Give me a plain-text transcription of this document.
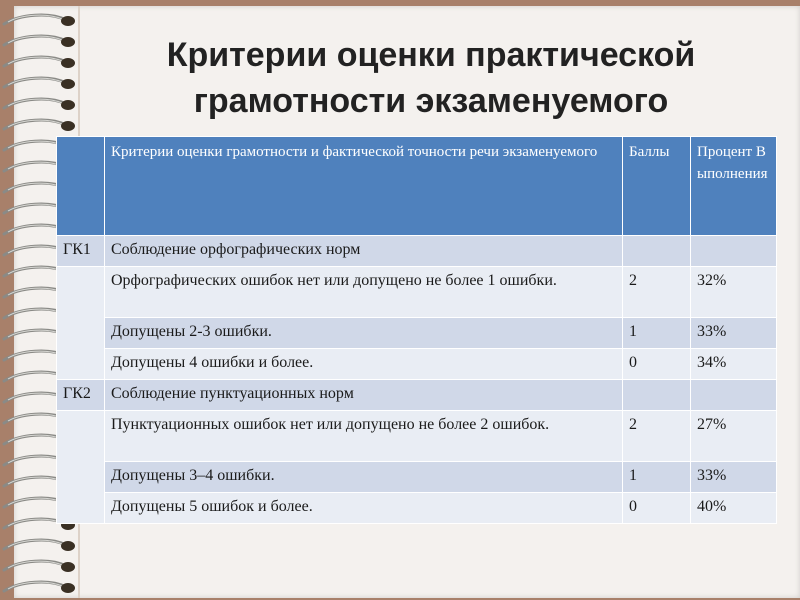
Критерии оценки практической
грамотности экзаменуемого
	Критерии оценки грамотности и фактической точности речи экзаменуемого	Баллы	Процент Выполнения
ГК1	Соблюдение орфографических норм		
	Орфографических ошибок нет или допущено не более 1 ошибки.	2	32%
	Допущены 2-3 ошибки.	1	33%
	Допущены 4 ошибки и более.	0	34%
ГК2	Соблюдение пунктуационных норм		
	Пунктуационных ошибок нет или допущено не более 2 ошибок.	2	27%
	Допущены 3–4 ошибки.	1	33%
	Допущены 5 ошибок и более.	0	40%
